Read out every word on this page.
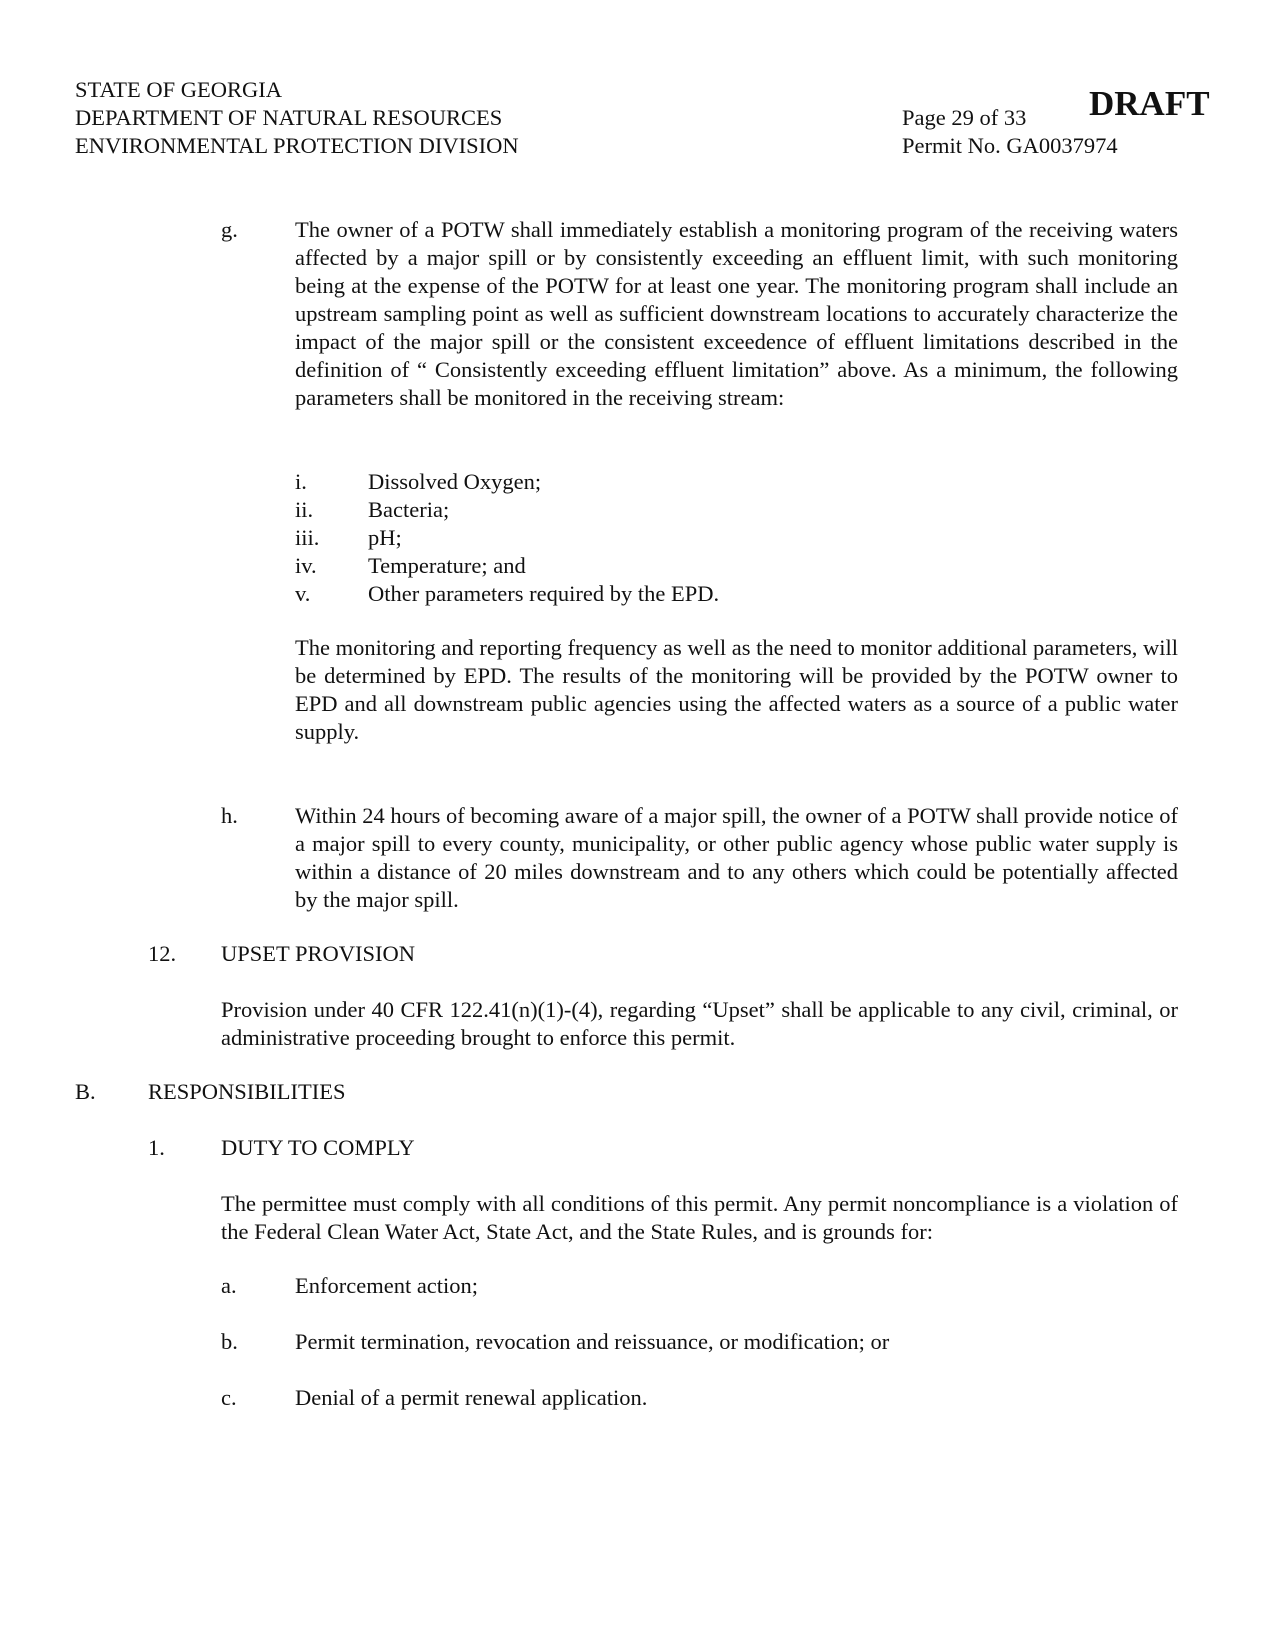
STATE OF GEORGIA
DEPARTMENT OF NATURAL RESOURCES
ENVIRONMENTAL PROTECTION DIVISION
Page 29 of 33
Permit No. GA0037974
DRAFT
g.	The owner of a POTW shall immediately establish a monitoring program of the receiving waters affected by a major spill or by consistently exceeding an effluent limit, with such monitoring being at the expense of the POTW for at least one year. The monitoring program shall include an upstream sampling point as well as sufficient downstream locations to accurately characterize the impact of the major spill or the consistent exceedence of effluent limitations described in the definition of “ Consistently exceeding effluent limitation” above. As a minimum, the following parameters shall be monitored in the receiving stream:
i.	Dissolved Oxygen;
ii. Bacteria;
iii. pH;
iv. Temperature; and
v.	Other parameters required by the EPD.
The monitoring and reporting frequency as well as the need to monitor additional parameters, will be determined by EPD. The results of the monitoring will be provided by the POTW owner to EPD and all downstream public agencies using the affected waters as a source of a public water supply.
h.	Within 24 hours of becoming aware of a major spill, the owner of a POTW shall provide notice of a major spill to every county, municipality, or other public agency whose public water supply is within a distance of 20 miles downstream and to any others which could be potentially affected by the major spill.
12. UPSET PROVISION
Provision under 40 CFR 122.41(n)(1)-(4), regarding “Upset” shall be applicable to any civil, criminal, or administrative proceeding brought to enforce this permit.
B. RESPONSIBILITIES
1. DUTY TO COMPLY
The permittee must comply with all conditions of this permit. Any permit noncompliance is a violation of the Federal Clean Water Act, State Act, and the State Rules, and is grounds for:
a.	Enforcement action;
b.	Permit termination, revocation and reissuance, or modification; or
c.	Denial of a permit renewal application.
